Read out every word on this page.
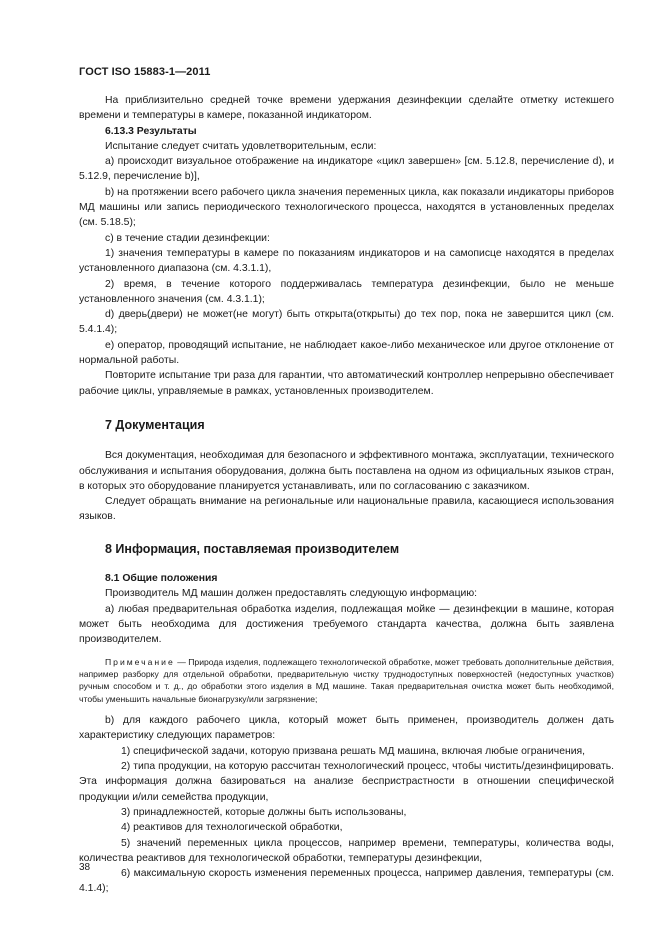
ГОСТ ISO 15883-1—2011

На приблизительно средней точке времени удержания дезинфекции сделайте отметку истекшего времени и температуры в камере, показанной индикатором.

6.13.3 Результаты

Испытание следует считать удовлетворительным, если:

a) происходит визуальное отображение на индикаторе «цикл завершен» [см. 5.12.8, перечисление d), и 5.12.9, перечисление b)],

b) на протяжении всего рабочего цикла значения переменных цикла, как показали индикаторы приборов МД машины или запись периодического технологического процесса, находятся в установленных пределах (см. 5.18.5);

c) в течение стадии дезинфекции:

1) значения температуры в камере по показаниям индикаторов и на самописце находятся в пределах установленного диапазона (см. 4.3.1.1),

2) время, в течение которого поддерживалась температура дезинфекции, было не меньше установленного значения (см. 4.3.1.1);

d) дверь(двери) не может(не могут) быть открыта(открыты) до тех пор, пока не завершится цикл (см. 5.4.1.4);

e) оператор, проводящий испытание, не наблюдает какое-либо механическое или другое отклонение от нормальной работы.

Повторите испытание три раза для гарантии, что автоматический контроллер непрерывно обеспечивает рабочие циклы, управляемые в рамках, установленных производителем.

7 Документация

Вся документация, необходимая для безопасного и эффективного монтажа, эксплуатации, технического обслуживания и испытания оборудования, должна быть поставлена на одном из официальных языков стран, в которых это оборудование планируется устанавливать, или по согласованию с заказчиком.

Следует обращать внимание на региональные или национальные правила, касающиеся использования языков.

8 Информация, поставляемая производителем

8.1 Общие положения

Производитель МД машин должен предоставлять следующую информацию:

a) любая предварительная обработка изделия, подлежащая мойке — дезинфекции в машине, которая может быть необходима для достижения требуемого стандарта качества, должна быть заявлена производителем.

Примечание — Природа изделия, подлежащего технологической обработке, может требовать дополнительные действия, например разборку для отдельной обработки, предварительную чистку труднодоступных поверхностей (недоступных участков) ручным способом и т. д., до обработки этого изделия в МД машине. Такая предварительная очистка может быть необходимой, чтобы уменьшить начальные бионагрузку/или загрязнение;

b) для каждого рабочего цикла, который может быть применен, производитель должен дать характеристику следующих параметров:

1) специфической задачи, которую призвана решать МД машина, включая любые ограничения,

2) типа продукции, на которую рассчитан технологический процесс, чтобы чистить/дезинфицировать. Эта информация должна базироваться на анализе беспристрастности в отношении специфической продукции и/или семейства продукции,

3) принадлежностей, которые должны быть использованы,

4) реактивов для технологической обработки,

5) значений переменных цикла процессов, например времени, температуры, количества воды, количества реактивов для технологической обработки, температуры дезинфекции,

6) максимальную скорость изменения переменных процесса, например давления, температуры (см. 4.1.4);

38
